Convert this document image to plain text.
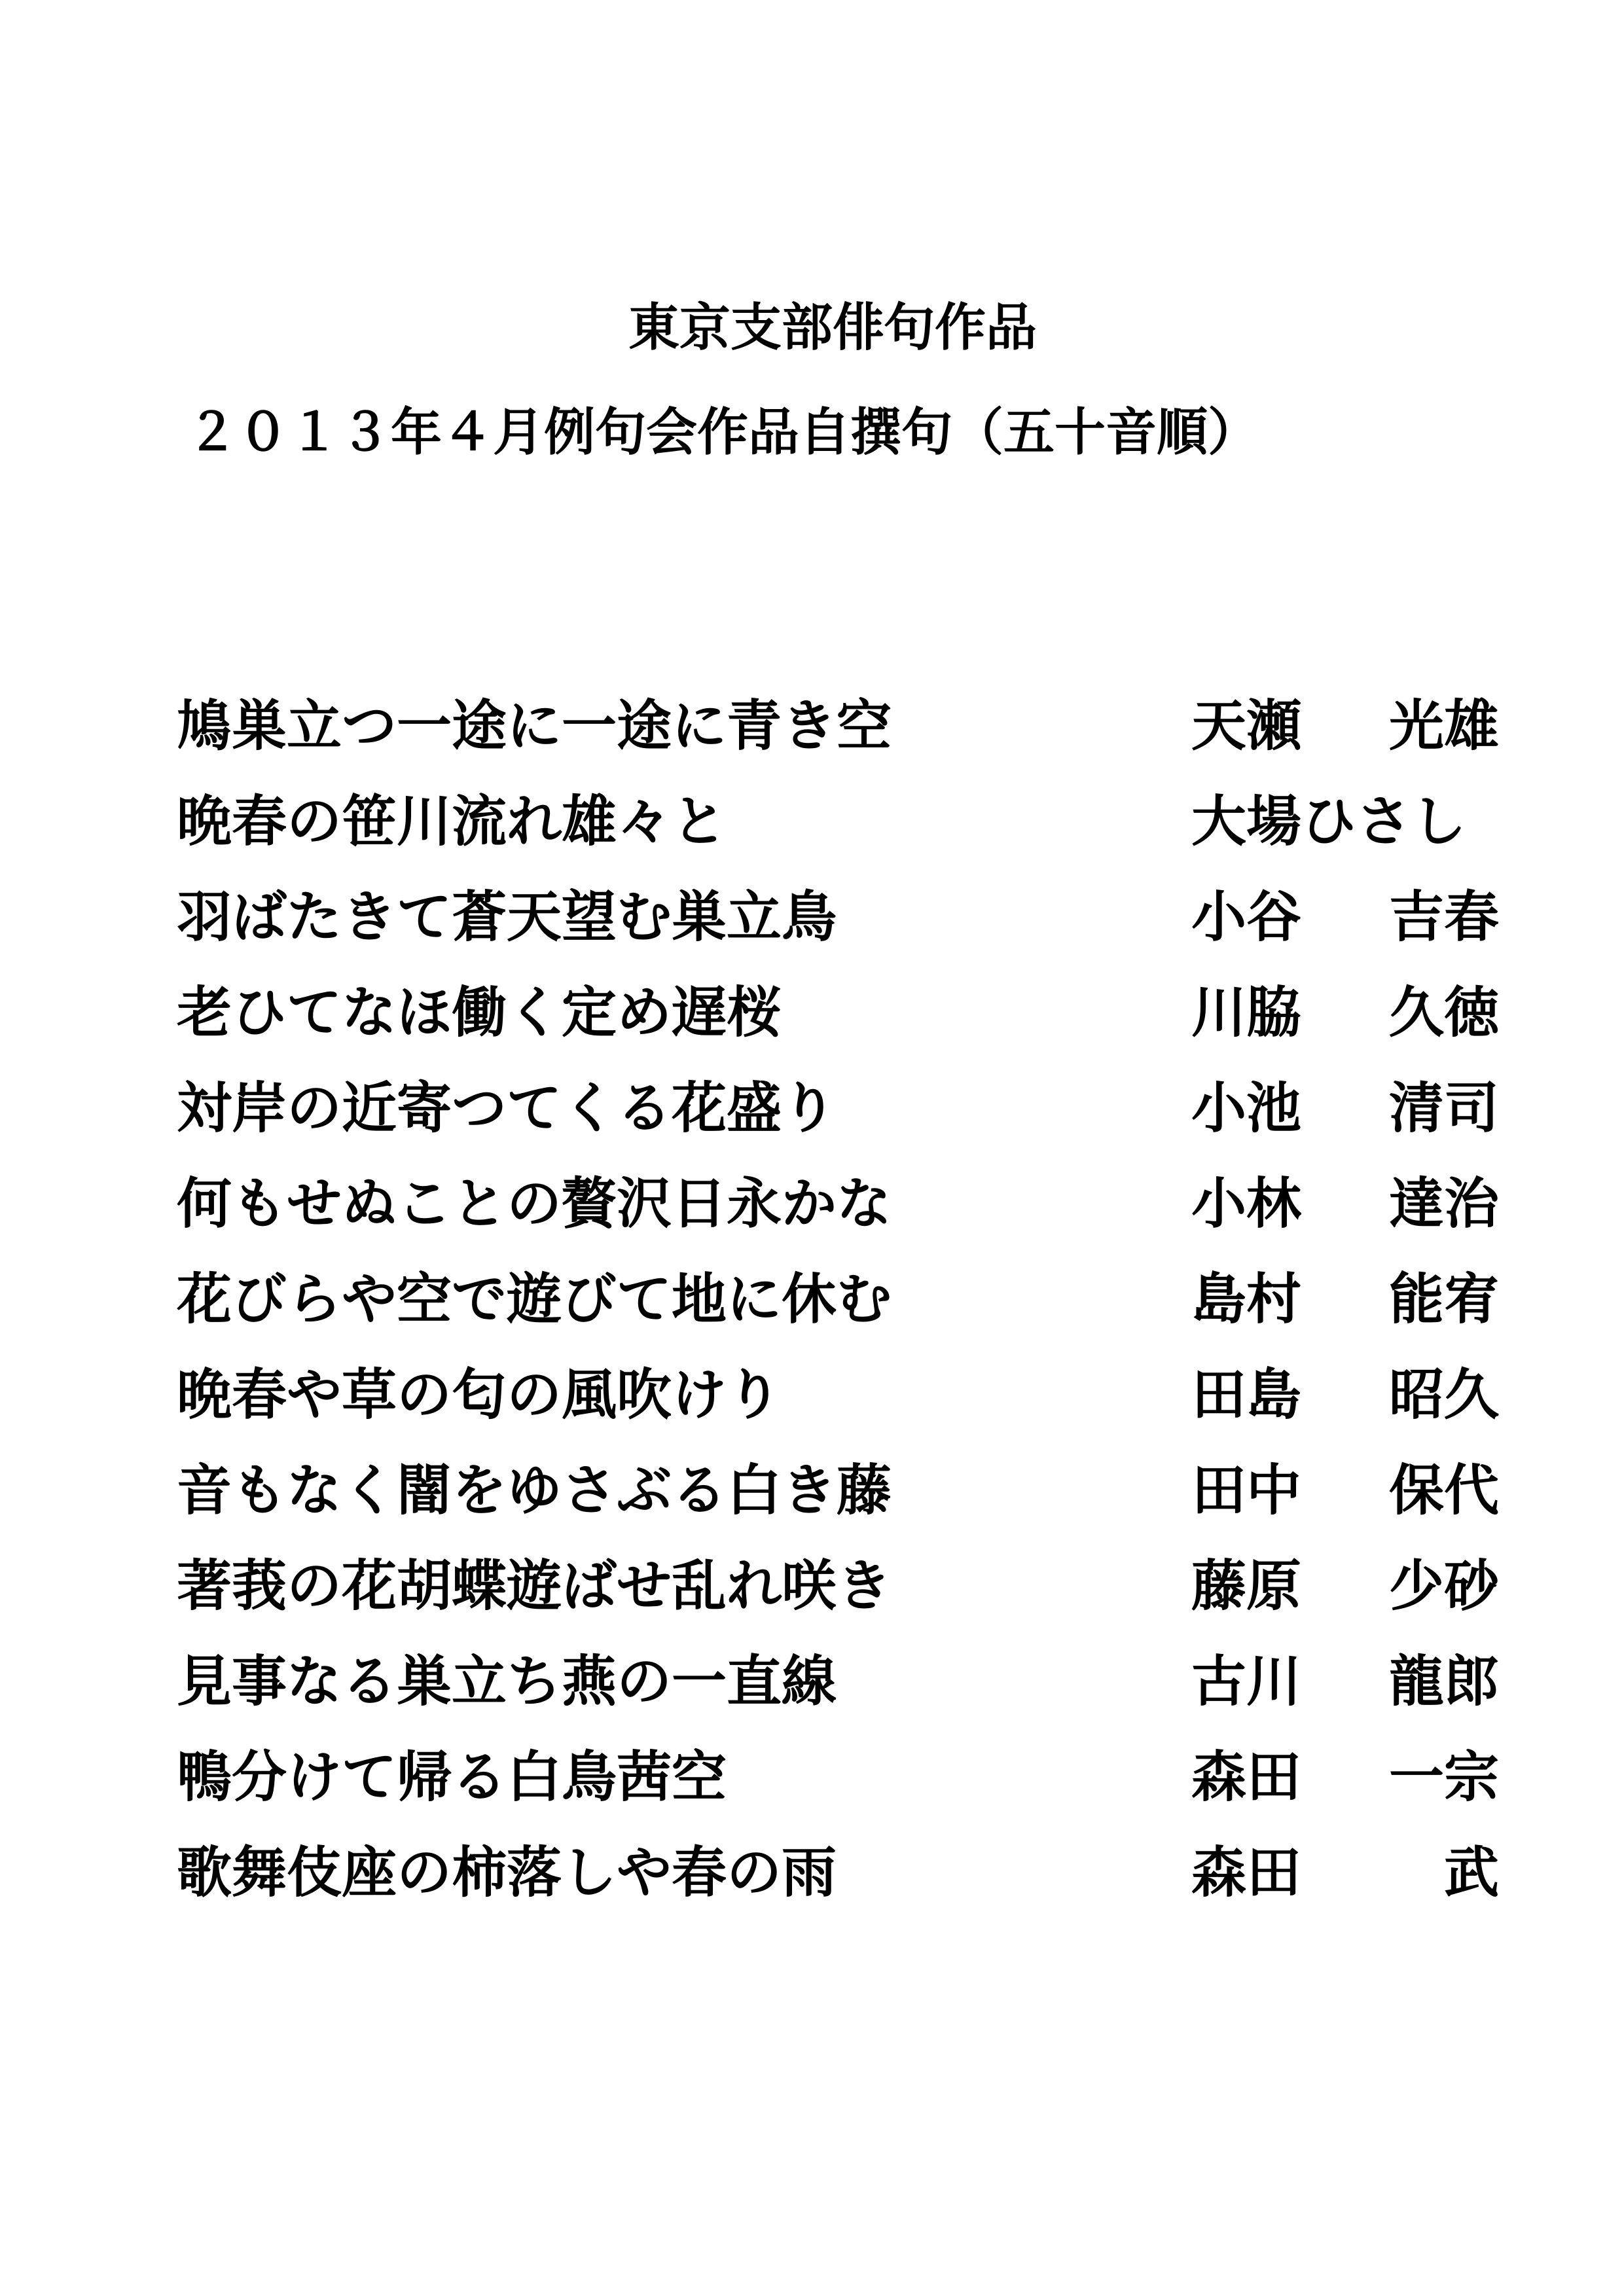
東京支部俳句作品
２０１３年４月例句会作品自撰句（五十音順）
鳩巣立つ一途に一途に青き空	天瀬 光雄
晩春の笹川流れ雄々と	大場ひさし
羽ばたきて蒼天望む巣立鳥	小谷 吉春
老ひてなほ働く定め遅桜	川脇 久徳
対岸の近寄つてくる花盛り	小池 清司
何もせぬことの贅沢日永かな	小林 達治
花びらや空で遊びて地に休む	島村 能宥
晩春や草の匂の風吹けり	田島 昭久
音もなく闇をゆさぶる白き藤	田中 保代
著莪の花胡蝶遊ばせ乱れ咲き	藤原 少砂
見事なる巣立ち燕の一直線	古川 龍郎
鴨分けて帰る白鳥茜空	森田 一宗
歌舞伎座の柿落しや春の雨	森田	武
